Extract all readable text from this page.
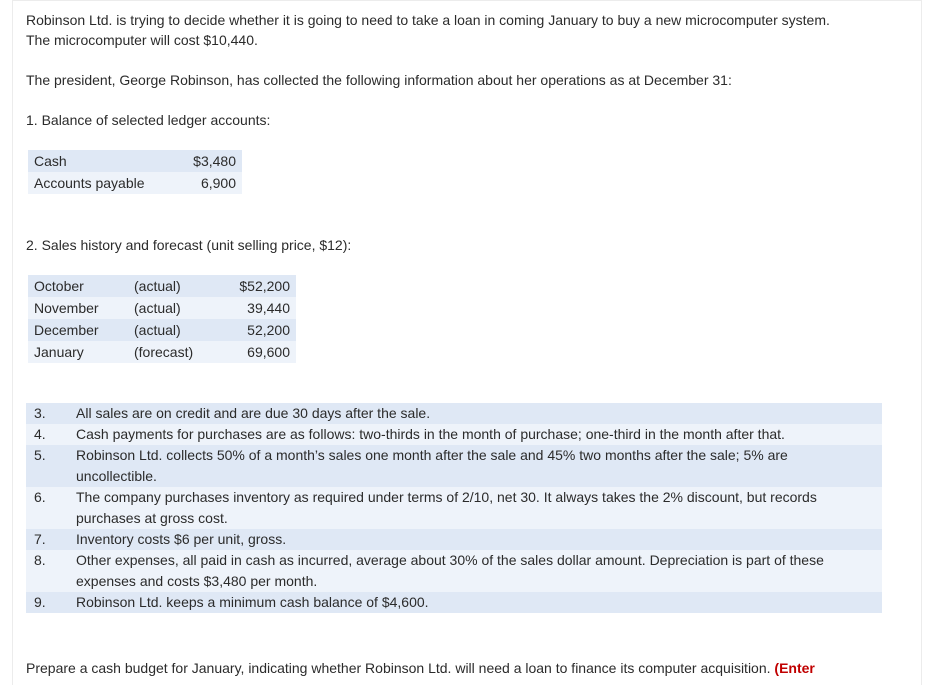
Robinson Ltd. is trying to decide whether it is going to need to take a loan in coming January to buy a new microcomputer system.
The microcomputer will cost $10,440.
The president, George Robinson, has collected the following information about her operations as at December 31:
1. Balance of selected ledger accounts:
Cash	$3,480
Accounts payable	6,900
2. Sales history and forecast (unit selling price, $12):
October	(actual)	$52,200
November	(actual)	39,440
December	(actual)	52,200
January	(forecast)	69,600
3.	All sales are on credit and are due 30 days after the sale.
4.	Cash payments for purchases are as follows: two-thirds in the month of purchase; one-third in the month after that.
5.	Robinson Ltd. collects 50% of a month’s sales one month after the sale and 45% two months after the sale; 5% are uncollectible.
6.	The company purchases inventory as required under terms of 2/10, net 30. It always takes the 2% discount, but records purchases at gross cost.
7.	Inventory costs $6 per unit, gross.
8.	Other expenses, all paid in cash as incurred, average about 30% of the sales dollar amount. Depreciation is part of these expenses and costs $3,480 per month.
9.	Robinson Ltd. keeps a minimum cash balance of $4,600.
Prepare a cash budget for January, indicating whether Robinson Ltd. will need a loan to finance its computer acquisition. (Enter
